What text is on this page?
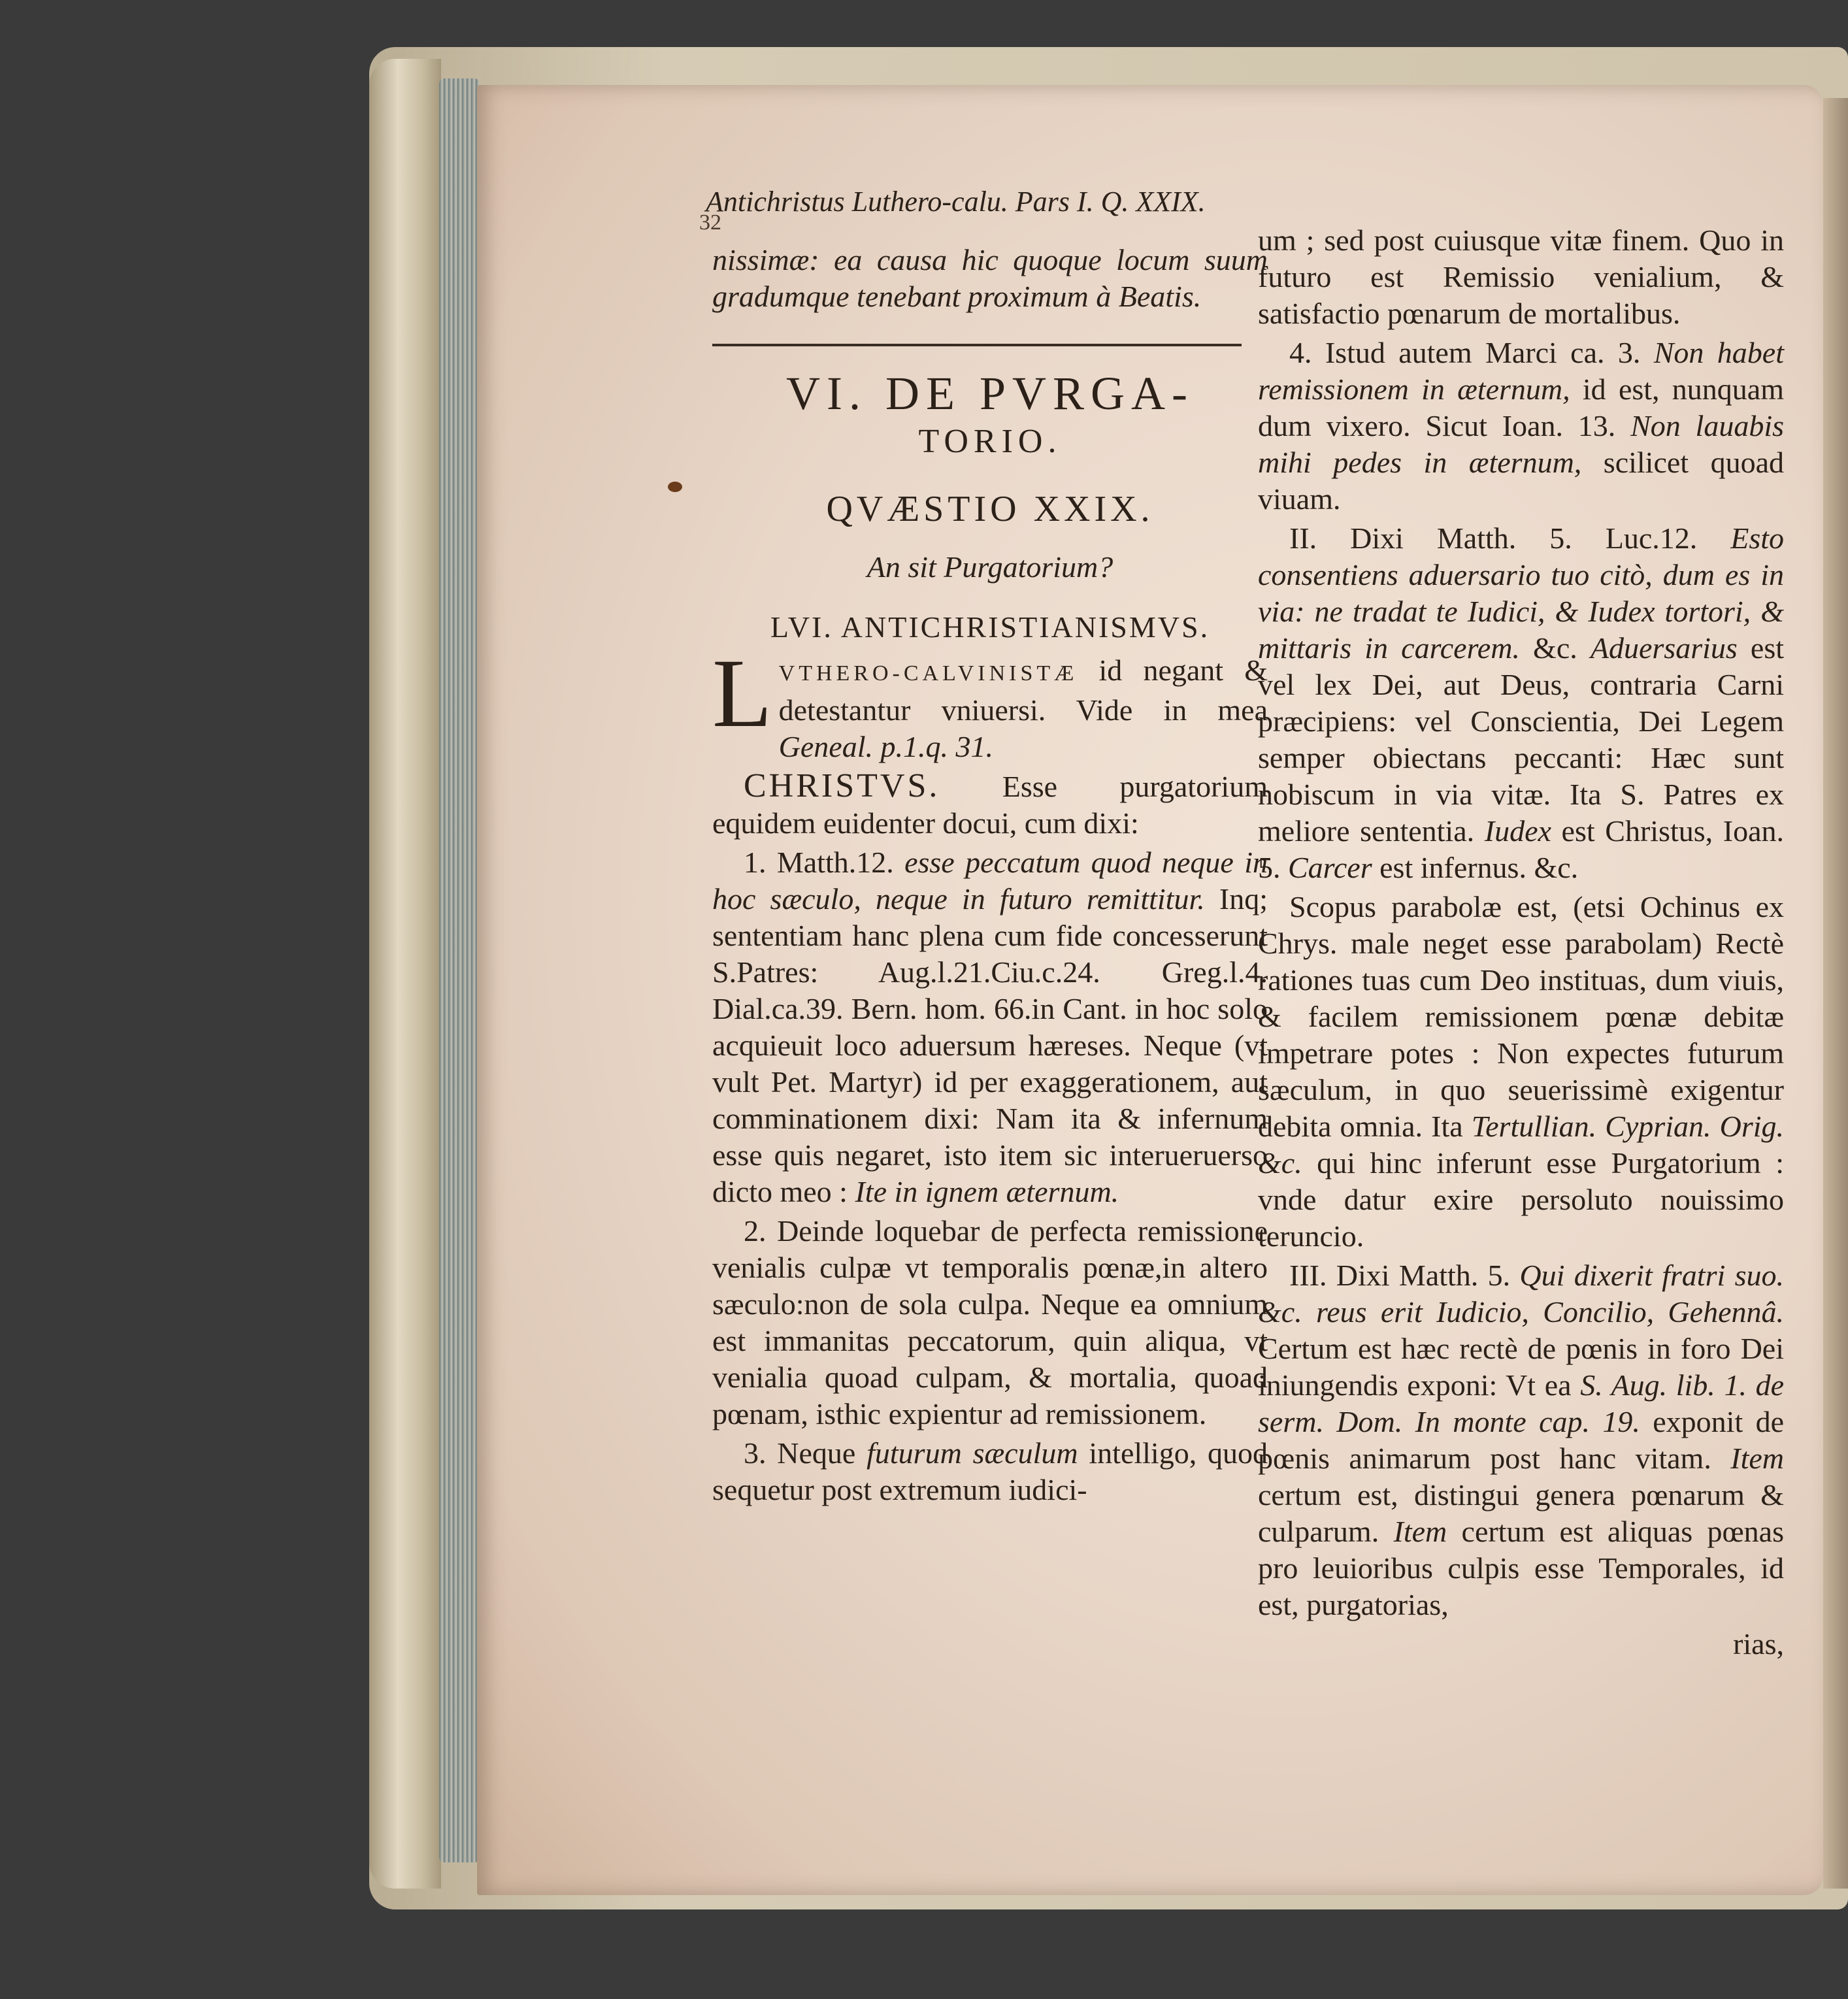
32
Antichristus Luthero-calu. Pars I. Q. XXIX.

nissimæ: ea causa hic quoque locum suum gradumque tenebant proximum à Beatis.

VI. DE PVRGA-
TORIO.
QVÆSTIO XXIX.
An sit Purgatorium?
LVI. ANTICHRISTIANISMVS.

LVTHERO-CALVINISTÆ id negant & detestantur vniuersi. Vide in mea Geneal. p.1.q. 31.

CHRISTVS. Esse purgatorium equidem euidenter docui, cum dixi:

1. Matth.12. esse peccatum quod neque in hoc sæculo, neque in futuro remittitur. Inq; sententiam hanc plena cum fide concesserunt S.Patres: Aug.l.21.Ciu.c.24. Greg.l.4. Dial.ca.39. Bern. hom. 66.in Cant. in hoc solo acquieuit loco aduersum hæreses. Neque (vt vult Pet. Martyr) id per exaggerationem, aut comminationem dixi: Nam ita & infernum esse quis negaret, isto item sic interueruerso dicto meo : Ite in ignem æternum.

2. Deinde loquebar de perfecta remissione venialis culpæ vt temporalis pœnæ,in altero sæculo:non de sola culpa. Neque ea omnium est immanitas peccatorum, quin aliqua, vt venialia quoad culpam, & mortalia, quoad pœnam, isthic expientur ad remissionem.

3. Neque futurum sæculum intelligo, quod sequetur post extremum iudici-

um ; sed post cuiusque vitæ finem. Quo in futuro est Remissio venialium, & satisfactio pœnarum de mortalibus.

4. Istud autem Marci ca. 3. Non habet remissionem in æternum, id est, nunquam dum vixero. Sicut Ioan. 13. Non lauabis mihi pedes in æternum, scilicet quoad viuam.

II. Dixi Matth. 5. Luc.12. Esto consentiens aduersario tuo citò, dum es in via: ne tradat te Iudici, & Iudex tortori, & mittaris in carcerem. &c. Aduersarius est vel lex Dei, aut Deus, contraria Carni præcipiens: vel Conscientia, Dei Legem semper obiectans peccanti: Hæc sunt nobiscum in via vitæ. Ita S. Patres ex meliore sententia. Iudex est Christus, Ioan. 5. Carcer est infernus. &c.

Scopus parabolæ est, (etsi Ochinus ex Chrys. male neget esse parabolam) Rectè rationes tuas cum Deo instituas, dum viuis, & facilem remissionem pœnæ debitæ impetrare potes : Non expectes futurum sæculum, in quo seuerissimè exigentur debita omnia. Ita Tertullian. Cyprian. Orig. &c. qui hinc inferunt esse Purgatorium : vnde datur exire persoluto nouissimo teruncio.

III. Dixi Matth. 5. Qui dixerit fratri suo. &c. reus erit Iudicio, Concilio, Gehennâ. Certum est hæc rectè de pœnis in foro Dei iniungendis exponi: Vt ea S. Aug. lib. 1. de serm. Dom. In monte cap. 19. exponit de pœnis animarum post hanc vitam. Item certum est, distingui genera pœnarum & culparum. Item certum est aliquas pœnas pro leuioribus culpis esse Temporales, id est, purgatorias,

rias,
